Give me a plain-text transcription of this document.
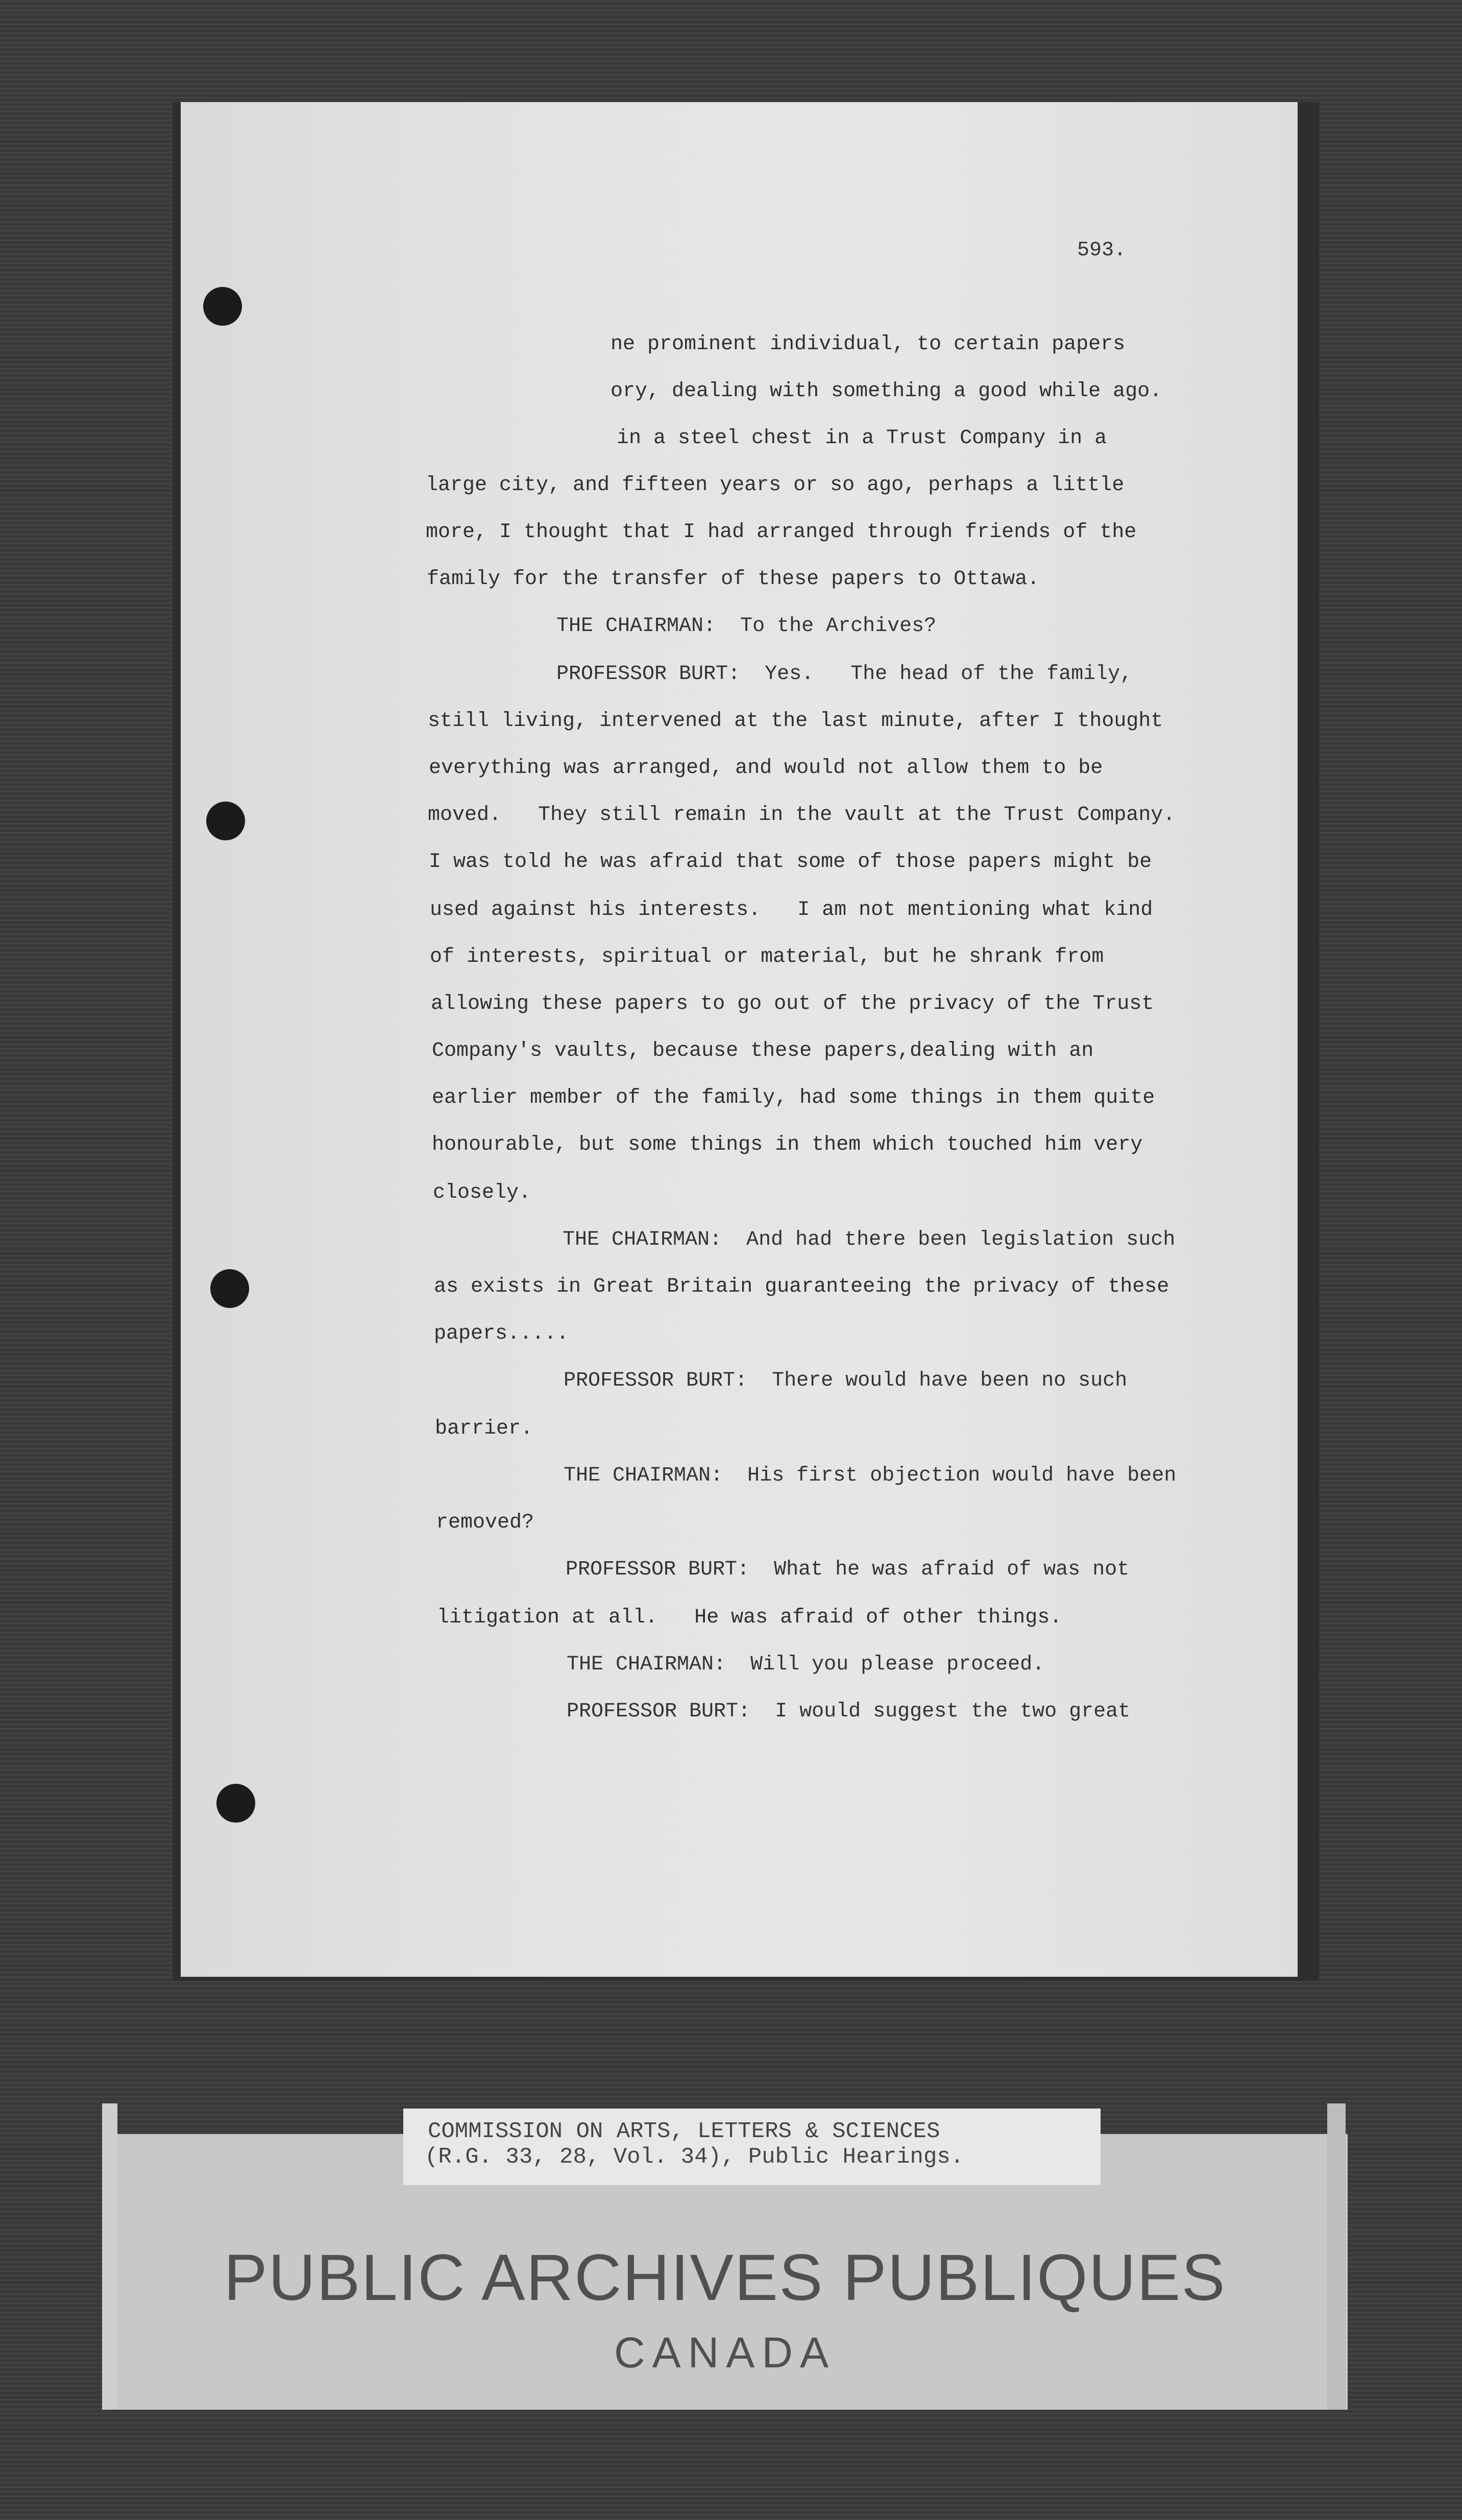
593.
ne prominent individual, to certain papers
ory, dealing with something a good while ago.
in a steel chest in a Trust Company in a
large city, and fifteen years or so ago, perhaps a little
more, I thought that I had arranged through friends of the
family for the transfer of these papers to Ottawa.
THE CHAIRMAN:  To the Archives?
PROFESSOR BURT:  Yes.   The head of the family,
still living, intervened at the last minute, after I thought
everything was arranged, and would not allow them to be
moved.   They still remain in the vault at the Trust Company.
I was told he was afraid that some of those papers might be
used against his interests.   I am not mentioning what kind
of interests, spiritual or material, but he shrank from
allowing these papers to go out of the privacy of the Trust
Company's vaults, because these papers,dealing with an
earlier member of the family, had some things in them quite
honourable, but some things in them which touched him very
closely.
THE CHAIRMAN:  And had there been legislation such
as exists in Great Britain guaranteeing the privacy of these
papers.....
PROFESSOR BURT:  There would have been no such
barrier.
THE CHAIRMAN:  His first objection would have been
removed?
PROFESSOR BURT:  What he was afraid of was not
litigation at all.   He was afraid of other things.
THE CHAIRMAN:  Will you please proceed.
PROFESSOR BURT:  I would suggest the two great
COMMISSION ON ARTS, LETTERS & SCIENCES
(R.G. 33, 28, Vol. 34), Public Hearings.
PUBLIC ARCHIVES PUBLIQUES
CANADA
